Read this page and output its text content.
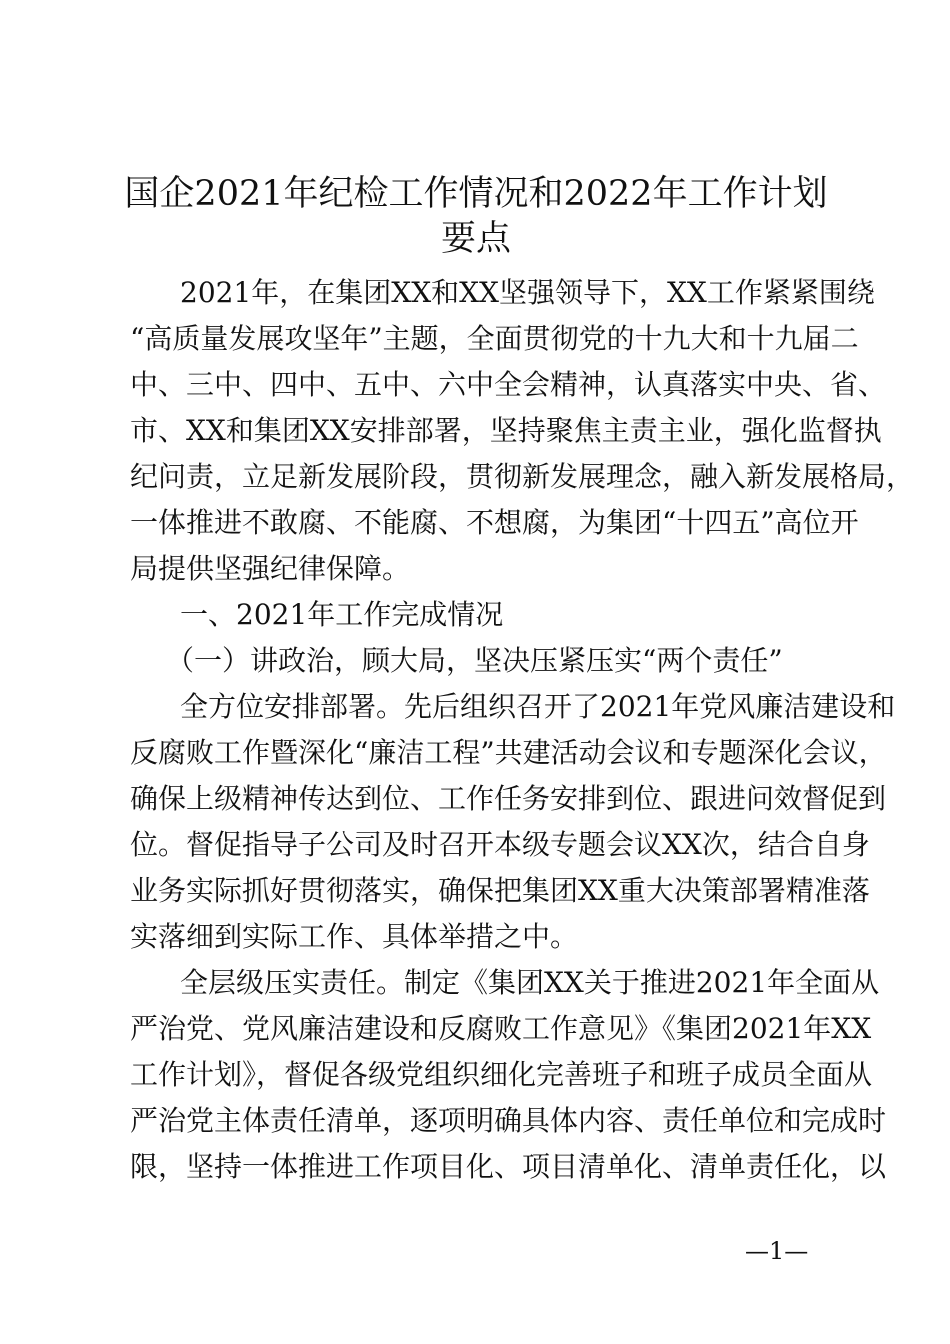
国企2021年纪检工作情况和2022年工作计划
要点
2021年，在集团XX和XX坚强领导下，XX工作紧紧围绕
“高质量发展攻坚年”主题，全面贯彻党的十九大和十九届二
中、三中、四中、五中、六中全会精神，认真落实中央、省、
市、XX和集团XX安排部署，坚持聚焦主责主业，强化监督执
纪问责，立足新发展阶段，贯彻新发展理念，融入新发展格局，
一体推进不敢腐、不能腐、不想腐，为集团“十四五”高位开
局提供坚强纪律保障。
一、2021年工作完成情况
（一）讲政治，顾大局，坚决压紧压实“两个责任”
全方位安排部署。先后组织召开了2021年党风廉洁建设和
反腐败工作暨深化“廉洁工程”共建活动会议和专题深化会议，
确保上级精神传达到位、工作任务安排到位、跟进问效督促到
位。督促指导子公司及时召开本级专题会议XX次，结合自身
业务实际抓好贯彻落实，确保把集团XX重大决策部署精准落
实落细到实际工作、具体举措之中。
全层级压实责任。制定《集团XX关于推进2021年全面从
严治党、党风廉洁建设和反腐败工作意见》《集团2021年XX
工作计划》，督促各级党组织细化完善班子和班子成员全面从
严治党主体责任清单，逐项明确具体内容、责任单位和完成时
限，坚持一体推进工作项目化、项目清单化、清单责任化，以
—1—
